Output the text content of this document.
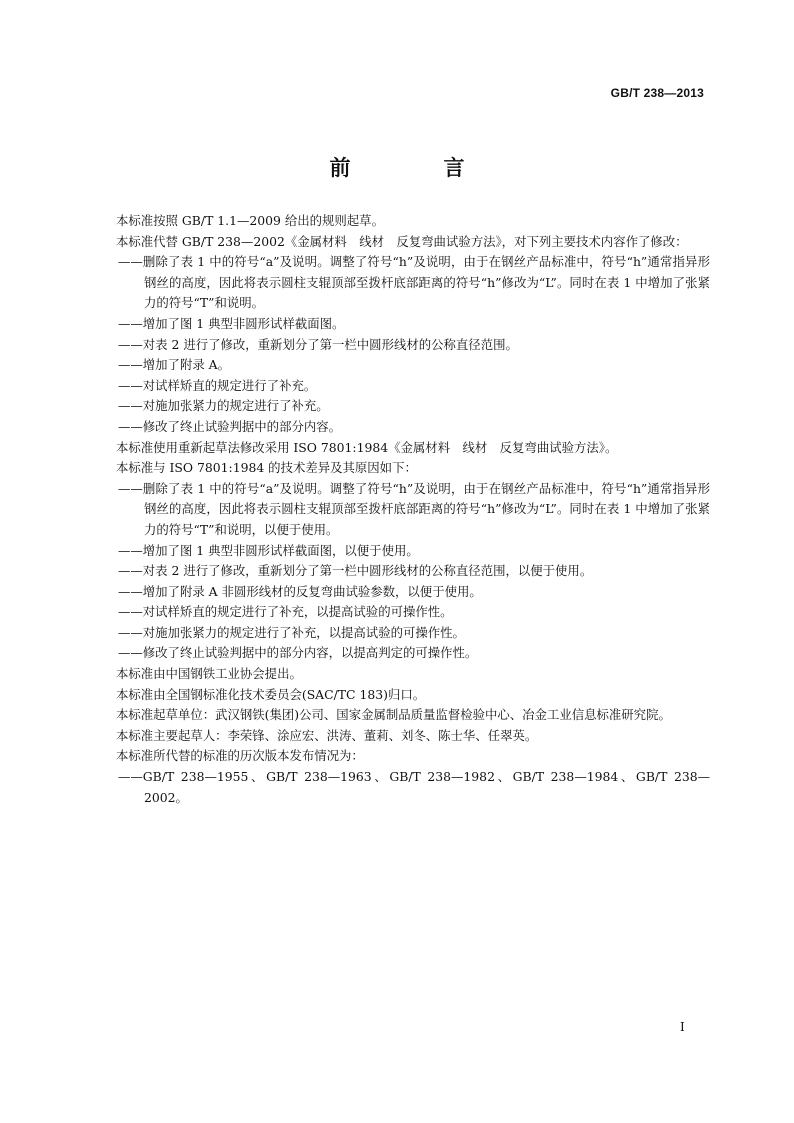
GB/T 238—2013
前　言

本标准按照 GB/T 1.1—2009 给出的规则起草。

本标准代替 GB/T 238—2002《金属材料　线材　反复弯曲试验方法》，对下列主要技术内容作了修改：

——删除了表 1 中的符号“a”及说明。调整了符号“h”及说明，由于在钢丝产品标准中，符号“h”通常指异形钢丝的高度，因此将表示圆柱支辊顶部至拨杆底部距离的符号“h”修改为“L”。同时在表 1 中增加了张紧力的符号“T”和说明。

——增加了图 1 典型非圆形试样截面图。

——对表 2 进行了修改，重新划分了第一栏中圆形线材的公称直径范围。

——增加了附录 A。

——对试样矫直的规定进行了补充。

——对施加张紧力的规定进行了补充。

——修改了终止试验判据中的部分内容。

本标准使用重新起草法修改采用 ISO 7801:1984《金属材料　线材　反复弯曲试验方法》。

本标准与 ISO 7801:1984 的技术差异及其原因如下：

——删除了表 1 中的符号“a”及说明。调整了符号“h”及说明，由于在钢丝产品标准中，符号“h”通常指异形钢丝的高度，因此将表示圆柱支辊顶部至拨杆底部距离的符号“h”修改为“L”。同时在表 1 中增加了张紧力的符号“T”和说明，以便于使用。

——增加了图 1 典型非圆形试样截面图，以便于使用。

——对表 2 进行了修改，重新划分了第一栏中圆形线材的公称直径范围，以便于使用。

——增加了附录 A 非圆形线材的反复弯曲试验参数，以便于使用。

——对试样矫直的规定进行了补充，以提高试验的可操作性。

——对施加张紧力的规定进行了补充，以提高试验的可操作性。

——修改了终止试验判据中的部分内容，以提高判定的可操作性。

本标准由中国钢铁工业协会提出。

本标准由全国钢标准化技术委员会(SAC/TC 183)归口。

本标准起草单位：武汉钢铁(集团)公司、国家金属制品质量监督检验中心、冶金工业信息标准研究院。

本标准主要起草人：李荣锋、涂应宏、洪涛、董莉、刘冬、陈士华、任翠英。

本标准所代替的标准的历次版本发布情况为：

——GB/T 238—1955、GB/T 238—1963、GB/T 238—1982、GB/T 238—1984、GB/T 238—2002。

I
